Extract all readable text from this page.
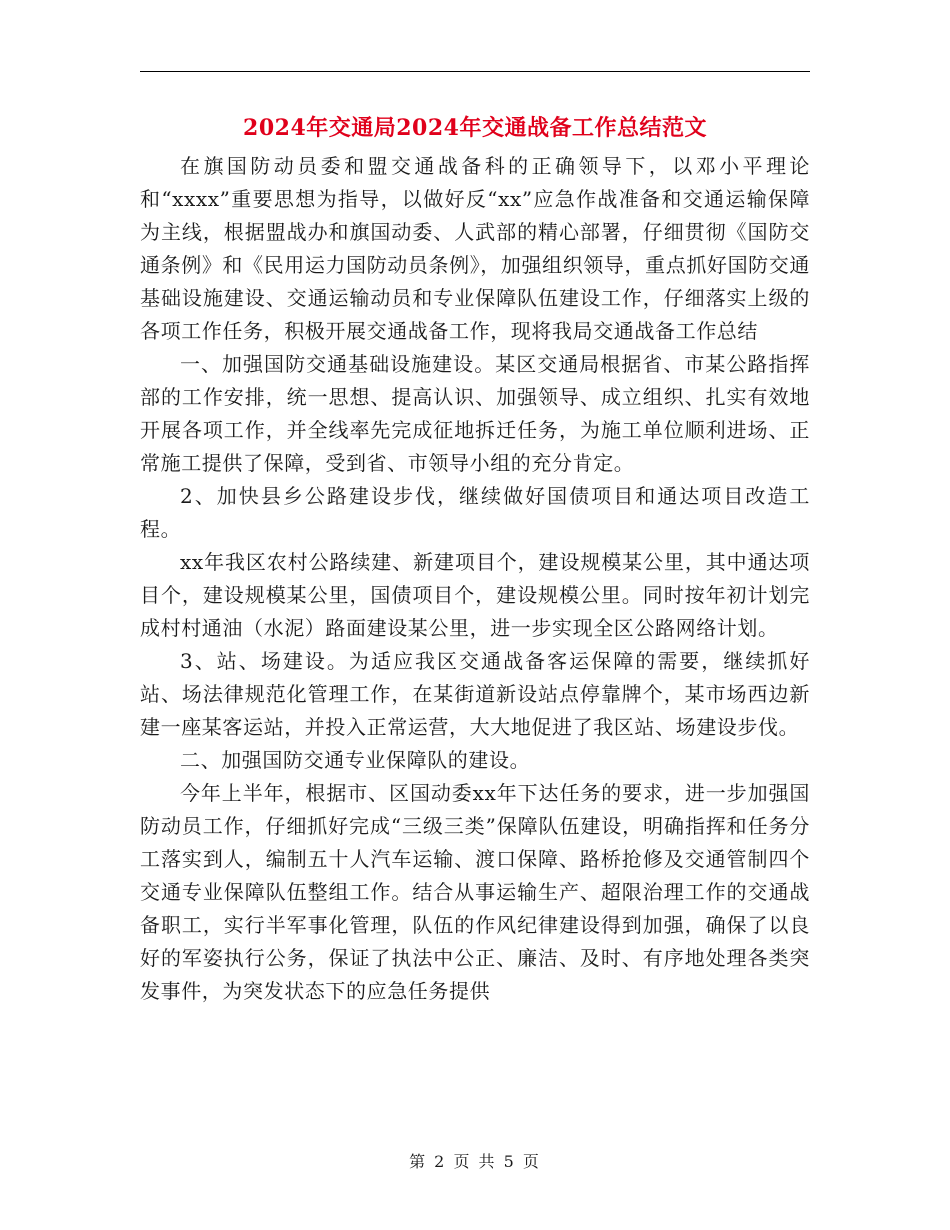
2024年交通局2024年交通战备工作总结范文

在旗国防动员委和盟交通战备科的正确领导下，以邓小平理论和“xxxx”重要思想为指导，以做好反“xx”应急作战准备和交通运输保障为主线，根据盟战办和旗国动委、人武部的精心部署，仔细贯彻《国防交通条例》和《民用运力国防动员条例》，加强组织领导，重点抓好国防交通基础设施建设、交通运输动员和专业保障队伍建设工作，仔细落实上级的各项工作任务，积极开展交通战备工作，现将我局交通战备工作总结

一、加强国防交通基础设施建设。某区交通局根据省、市某公路指挥部的工作安排，统一思想、提高认识、加强领导、成立组织、扎实有效地开展各项工作，并全线率先完成征地拆迁任务，为施工单位顺利进场、正常施工提供了保障，受到省、市领导小组的充分肯定。

2、加快县乡公路建设步伐，继续做好国债项目和通达项目改造工程。

xx年我区农村公路续建、新建项目个，建设规模某公里，其中通达项目个，建设规模某公里，国债项目个，建设规模公里。同时按年初计划完成村村通油（水泥）路面建设某公里，进一步实现全区公路网络计划。

3、站、场建设。为适应我区交通战备客运保障的需要，继续抓好站、场法律规范化管理工作，在某街道新设站点停靠牌个，某市场西边新建一座某客运站，并投入正常运营，大大地促进了我区站、场建设步伐。

二、加强国防交通专业保障队的建设。

今年上半年，根据市、区国动委xx年下达任务的要求，进一步加强国防动员工作，仔细抓好完成“三级三类”保障队伍建设，明确指挥和任务分工落实到人，编制五十人汽车运输、渡口保障、路桥抢修及交通管制四个交通专业保障队伍整组工作。结合从事运输生产、超限治理工作的交通战备职工，实行半军事化管理，队伍的作风纪律建设得到加强，确保了以良好的军姿执行公务，保证了执法中公正、廉洁、及时、有序地处理各类突发事件，为突发状态下的应急任务提供

第 2 页 共 5 页
